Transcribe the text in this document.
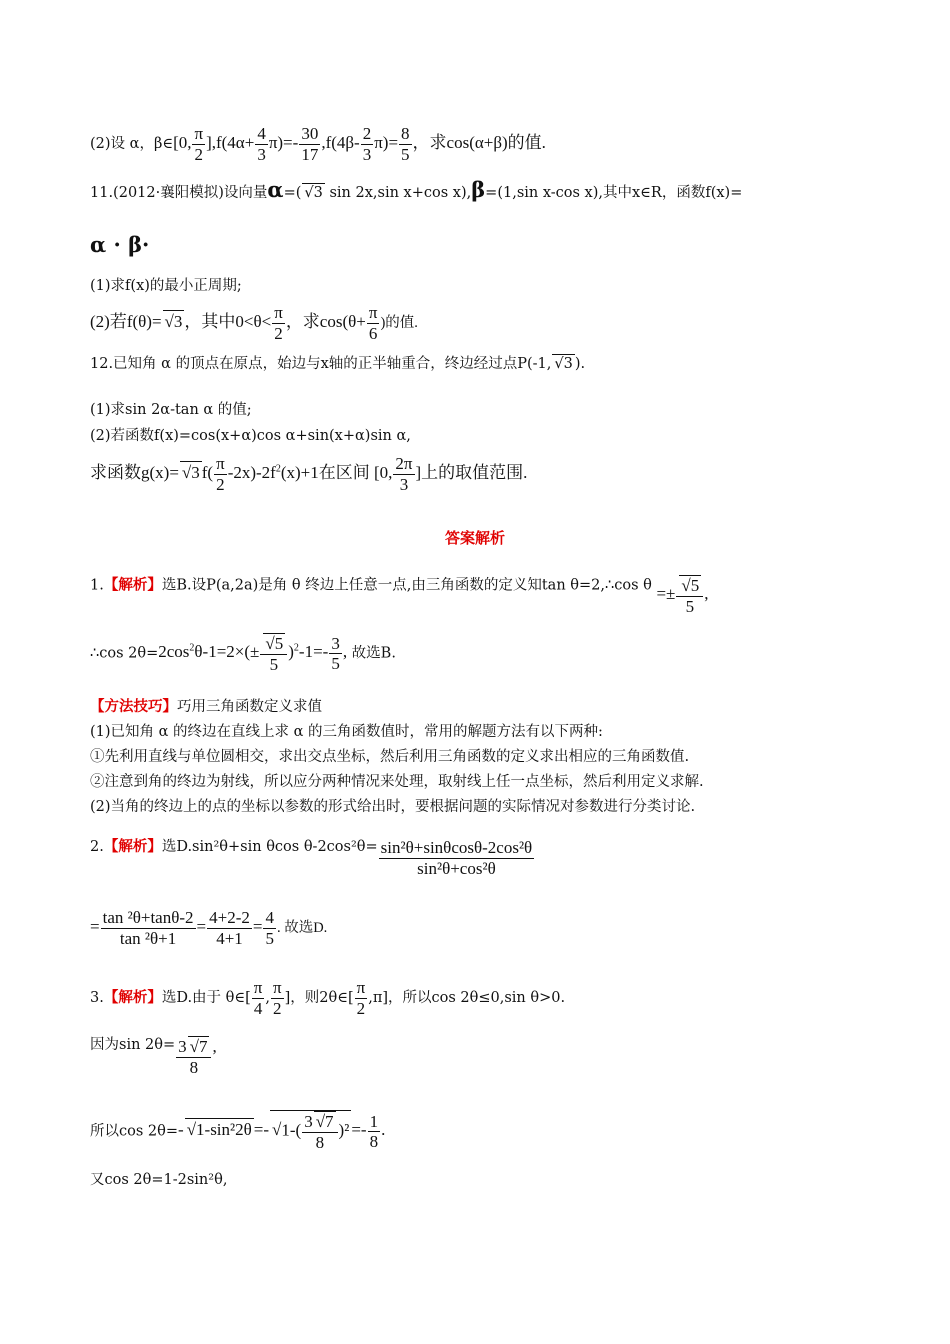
(2)设 α，β∈[0, $\frac{\pi}{2} ],f(4\alpha+ \frac{4}{3} \pi)=- \frac{30}{17} ,f(4\beta- \frac{2}{3} \pi)= \frac{8}{5}$ ，求cos(α+β)的值.
11.(2012·襄阳模拟)设向量α=( √ 3 sin 2x,sin x+cos x),β=(1,sin x-cos x),其中x∈R，函数f(x)=
α · β·
(1)求f(x)的最小正周期;
(2)若f(θ)= √ 3 ，其中$0<\theta< \frac{\pi}{2}$ ，求$\cos(\theta+ \frac{\pi}{6}$ )的值.
12.已知角 α 的顶点在原点，始边与x轴的正半轴重合，终边经过点P(-1, √ 3 ).
(1)求sin 2α-tan α 的值;
(2)若函数f(x)=cos(x+α)cos α+sin(x+α)sin α,
求函数g(x)= √ 3 $f( \frac{\pi}{2} -2x)-2f^2(x)+1$在区间 [0, $\frac{2\pi}{3}$ ]上的取值范围.
答案解析
1.【解析】选B.设P(a,2a)是角 θ 终边上任意一点,由三角函数的定义知tan θ=2,∴cos θ =± √ $\frac{5}{5}$ ,
∴cos $2\theta=2\cos^2\theta-1=2\times(\pm$ √ $\frac{5}{5} )^2-1=- \frac{3}{5}$ , 故选B.
【方法技巧】巧用三角函数定义求值
(1)已知角 α 的终边在直线上求 α 的三角函数值时，常用的解题方法有以下两种:
①先利用直线与单位圆相交，求出交点坐标，然后利用三角函数的定义求出相应的三角函数值.
②注意到角的终边为射线，所以应分两种情况来处理，取射线上任一点坐标，然后利用定义求解.
(2)当角的终边上的点的坐标以参数的形式给出时，要根据问题的实际情况对参数进行分类讨论.
2.【解析】选D.sin²θ+sin θcos $\theta-2\cos^2\theta= \frac{\text{sin²θ+sinθcosθ-2cos²θ}}{\text{sin²θ+cos²θ}}$
= $\frac{\text{tan ²θ+tanθ-2}}{\text{tan ²θ+1}} = \frac{4+2-2}{4+1} = \frac{4}{5}$ . 故选D.
3.【解析】选D.由于 θ∈[ $\frac{\pi}{4}$ , $\frac{\pi}{2}$ ]，则2θ∈[ $\frac{\pi}{2} ,\pi$]，所以cos 2θ≤0,sin θ>0.
因为$\sin 2\theta= \frac{3 √ 7}{8}$ ,
所以cos 2θ=- √ 1-sin²2θ =- √ $1-( \frac{3 √ 7}{8} )^2 =- \frac{1}{8}$ .
又cos 2θ=1-2sin²θ,
